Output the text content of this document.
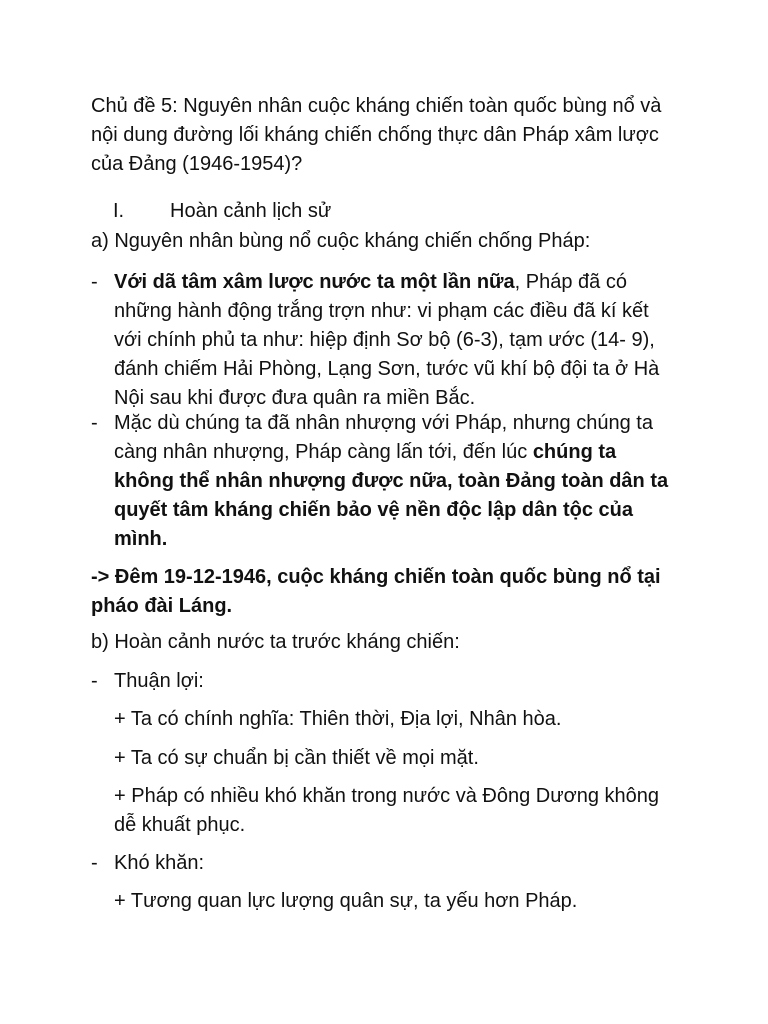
Chủ đề 5: Nguyên nhân cuộc kháng chiến toàn quốc bùng nổ và nội dung đường lối kháng chiến chống thực dân Pháp xâm lược của Đảng (1946-1954)?
I. Hoàn cảnh lịch sử
a) Nguyên nhân bùng nổ cuộc kháng chiến chống Pháp:
- Với dã tâm xâm lược nước ta một lần nữa, Pháp đã có những hành động trắng trợn như: vi phạm các điều đã kí kết với chính phủ ta như: hiệp định Sơ bộ (6-3), tạm ước (14- 9), đánh chiếm Hải Phòng, Lạng Sơn, tước vũ khí bộ đội ta ở Hà Nội sau khi được đưa quân ra miền Bắc.
- Mặc dù chúng ta đã nhân nhượng với Pháp, nhưng chúng ta càng nhân nhượng, Pháp càng lấn tới, đến lúc chúng ta không thể nhân nhượng được nữa, toàn Đảng toàn dân ta quyết tâm kháng chiến bảo vệ nền độc lập dân tộc của mình.
-> Đêm 19-12-1946, cuộc kháng chiến toàn quốc bùng nổ tại pháo đài Láng.
b) Hoàn cảnh nước ta trước kháng chiến:
- Thuận lợi:
+ Ta có chính nghĩa: Thiên thời, Địa lợi, Nhân hòa.
+ Ta có sự chuẩn bị cần thiết về mọi mặt.
+ Pháp có nhiều khó khăn trong nước và Đông Dương không dễ khuất phục.
- Khó khăn:
+ Tương quan lực lượng quân sự, ta yếu hơn Pháp.
